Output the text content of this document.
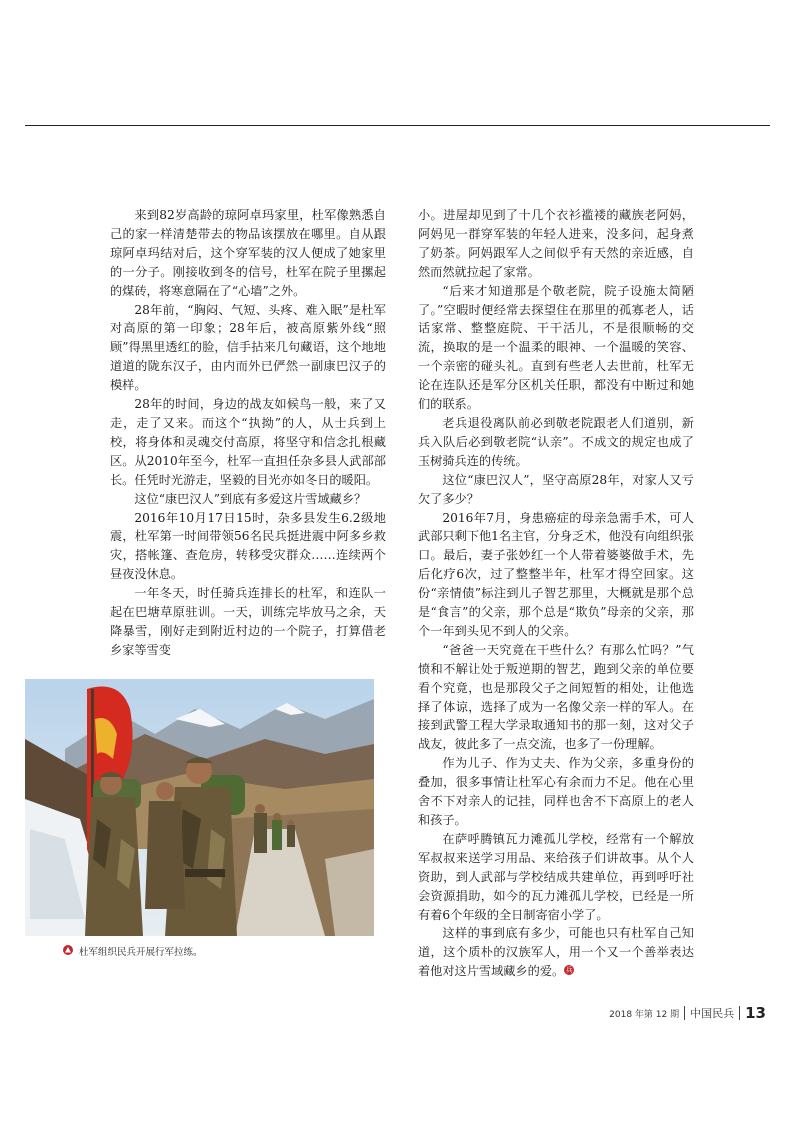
来到82岁高龄的琼阿卓玛家里，杜军像熟悉自己的家一样清楚带去的物品该摆放在哪里。自从跟琼阿卓玛结对后，这个穿军装的汉人便成了她家里的一分子。刚接收到冬的信号，杜军在院子里摞起的煤砖，将寒意隔在了“心墙”之外。

28年前，“胸闷、气短、头疼、难入眠”是杜军对高原的第一印象；28年后，被高原紫外线“照顾”得黑里透红的脸，信手拈来几句藏语，这个地地道道的陇东汉子，由内而外已俨然一副康巴汉子的模样。

28年的时间，身边的战友如候鸟一般，来了又走，走了又来。而这个“执拗”的人，从士兵到上校，将身体和灵魂交付高原，将坚守和信念扎根藏区。从2010年至今，杜军一直担任杂多县人武部部长。任凭时光游走，坚毅的目光亦如冬日的暖阳。

这位“康巴汉人”到底有多爱这片雪域藏乡？

2016年10月17日15时，杂多县发生6.2级地震，杜军第一时间带领56名民兵挺进震中阿多乡救灾，搭帐篷、查危房，转移受灾群众……连续两个昼夜没休息。

一年冬天，时任骑兵连排长的杜军，和连队一起在巴塘草原驻训。一天，训练完毕放马之余，天降暴雪，刚好走到附近村边的一个院子，打算借老乡家等雪变

小。进屋却见到了十几个衣衫褴褛的藏族老阿妈，阿妈见一群穿军装的年轻人进来，没多问，起身煮了奶茶。阿妈跟军人之间似乎有天然的亲近感，自然而然就拉起了家常。

“后来才知道那是个敬老院，院子设施太简陋了。”空暇时便经常去探望住在那里的孤寡老人，话话家常、整整庭院、干干活儿，不是很顺畅的交流，换取的是一个温柔的眼神、一个温暖的笑容、一个亲密的碰头礼。直到有些老人去世前，杜军无论在连队还是军分区机关任职，都没有中断过和她们的联系。

老兵退役离队前必到敬老院跟老人们道别，新兵入队后必到敬老院“认亲”。不成文的规定也成了玉树骑兵连的传统。

这位“康巴汉人”，坚守高原28年，对家人又亏欠了多少？

2016年7月，身患癌症的母亲急需手术，可人武部只剩下他1名主官，分身乏术，他没有向组织张口。最后，妻子张妙红一个人带着婆婆做手术，先后化疗6次，过了整整半年，杜军才得空回家。这份“亲情债”标注到儿子智艺那里，大概就是那个总是“食言”的父亲，那个总是“欺负”母亲的父亲，那个一年到头见不到人的父亲。

“爸爸一天究竟在干些什么？有那么忙吗？”气愤和不解让处于叛逆期的智艺，跑到父亲的单位要看个究竟，也是那段父子之间短暂的相处，让他选择了体谅，选择了成为一名像父亲一样的军人。在接到武警工程大学录取通知书的那一刻，这对父子战友，彼此多了一点交流，也多了一份理解。

作为儿子、作为丈夫、作为父亲，多重身份的叠加，很多事情让杜军心有余而力不足。他在心里舍不下对亲人的记挂，同样也舍不下高原上的老人和孩子。

在萨呼腾镇瓦力滩孤儿学校，经常有一个解放军叔叔来送学习用品、来给孩子们讲故事。从个人资助，到人武部与学校结成共建单位，再到呼吁社会资源捐助，如今的瓦力滩孤儿学校，已经是一所有着6个年级的全日制寄宿小学了。

这样的事到底有多少，可能也只有杜军自己知道，这个质朴的汉族军人，用一个又一个善举表达着他对这片雪域藏乡的爱。 兵

杜军组织民兵开展行军拉练。
2018 年第 12 期 中国民兵 13
